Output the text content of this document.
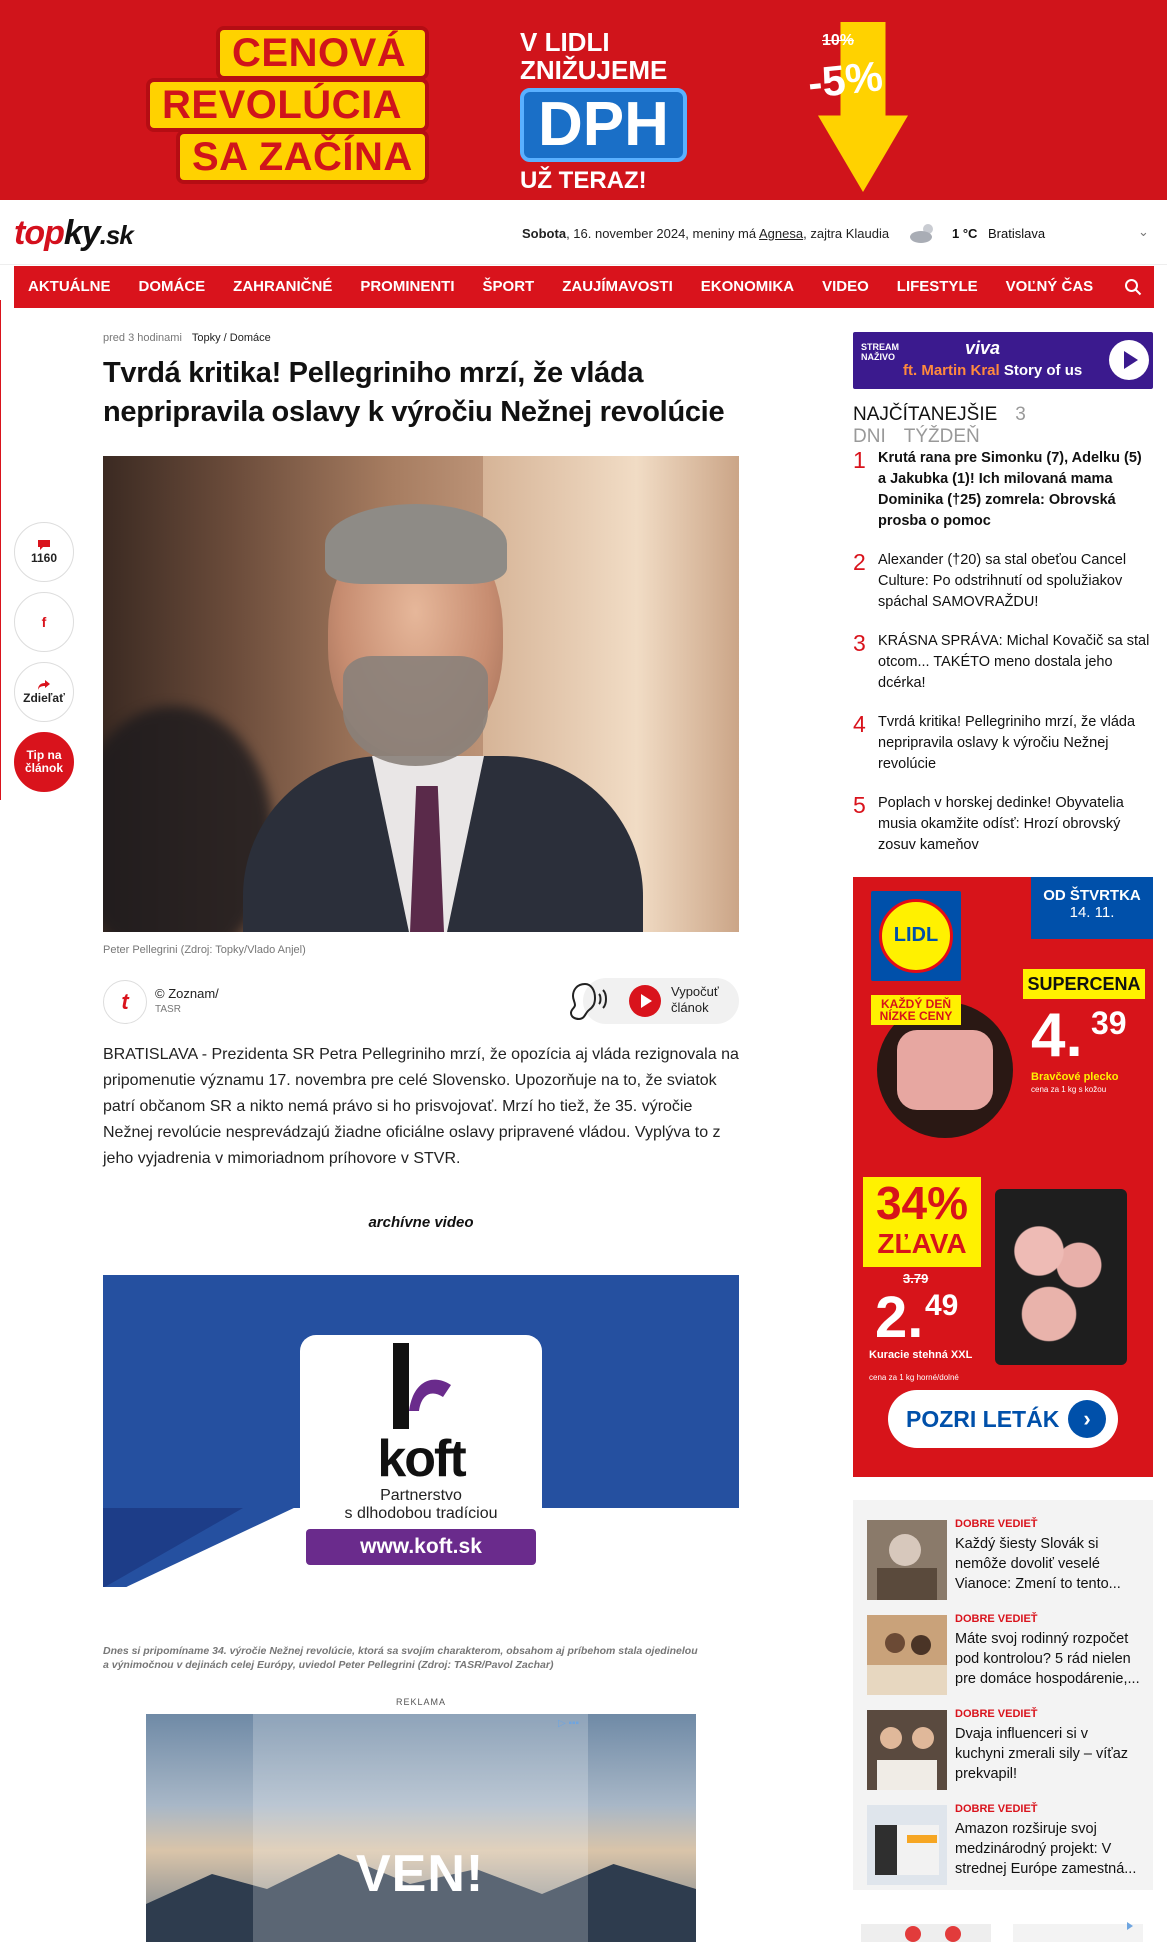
CENOVÁ
REVOLÚCIA
SA ZAČÍNA
V LIDLI
ZNIŽUJEME
DPH
UŽ TERAZ!
10%
-5%
topky.sk	Sobota, 16. november 2024, meniny má Agnesa, zajtra Klaudia	1 °C Bratislava	⌄
AKTUÁLNE	DOMÁCE	ZAHRANIČNÉ	PROMINENTI	ŠPORT	ZAUJÍMAVOSTI	EKONOMIKA	VIDEO	LIFESTYLE	VOĽNÝ ČAS
1160
f
Zdieľať
Tip na
článok
pred 3 hodinami Topky / Domáce
Tvrdá kritika! Pellegriniho mrzí, že vláda nepripravila oslavy k výročiu Nežnej revolúcie
Peter Pellegrini (Zdroj: Topky/Vlado Anjel)
t	© Zoznam/
TASR
Vypočuť
článok

BRATISLAVA - Prezidenta SR Petra Pellegriniho mrzí, že opozícia aj vláda rezignovala na pripomenutie významu 17. novembra pre celé Slovensko. Upozorňuje na to, že sviatok patrí občanom SR a nikto nemá právo si ho prisvojovať. Mrzí ho tiež, že 35. výročie Nežnej revolúcie nesprevádzajú žiadne oficiálne oslavy pripravené vládou. Vyplýva to z jeho vyjadrenia v mimoriadnom príhovore v STVR.

archívne video
koft
Partnerstvo
s dlhodobou tradíciou
www.koft.sk
Dnes si pripomíname 34. výročie Nežnej revolúcie, ktorá sa svojím charakterom, obsahom aj príbehom stala ojedinelou a výnimočnou v dejinách celej Európy, uviedol Peter Pellegrini (Zdroj: TASR/Pavol Zachar)
REKLAMA
VEN!
▷ ▪▪▪
STREAM
NAŽIVO	viva
ft. Martin Kral Story of us
NAJČÍTANEJŠIE 3 DNI TÝŽDEŇ
1 Krutá rana pre Simonku (7), Adelku (5) a Jakubka (1)! Ich milovaná mama Dominika (†25) zomrela: Obrovská prosba o pomoc
2 Alexander (†20) sa stal obeťou Cancel Culture: Po odstrihnutí od spolužiakov spáchal SAMOVRAŽDU!
3 KRÁSNA SPRÁVA: Michal Kovačič sa stal otcom... TAKÉTO meno dostala jeho dcérka!
4 Tvrdá kritika! Pellegriniho mrzí, že vláda nepripravila oslavy k výročiu Nežnej revolúcie
5 Poplach v horskej dedinke! Obyvatelia musia okamžite odísť: Hrozí obrovský zosuv kameňov
LIDL
OD ŠTVRTKA
14. 11.
KAŽDÝ DEŇ NÍZKE CENY
SUPERCENA
4. 39
Bravčové plecko
cena za 1 kg s kožou
34%
ZĽAVA
3.79
2. 49
Kuracie stehná XXL
cena za 1 kg horné/dolné
POZRI LETÁK	›
DOBRE VEDIEŤ
Každý šiesty Slovák si nemôže dovoliť veselé Vianoce: Zmení to tento...
DOBRE VEDIEŤ
Máte svoj rodinný rozpočet pod kontrolou? 5 rád nielen pre domáce hospodárenie,...
DOBRE VEDIEŤ
Dvaja influenceri si v kuchyni zmerali sily – víťaz prekvapil!
DOBRE VEDIEŤ
Amazon rozširuje svoj medzinárodný projekt: V strednej Európe zamestná...
